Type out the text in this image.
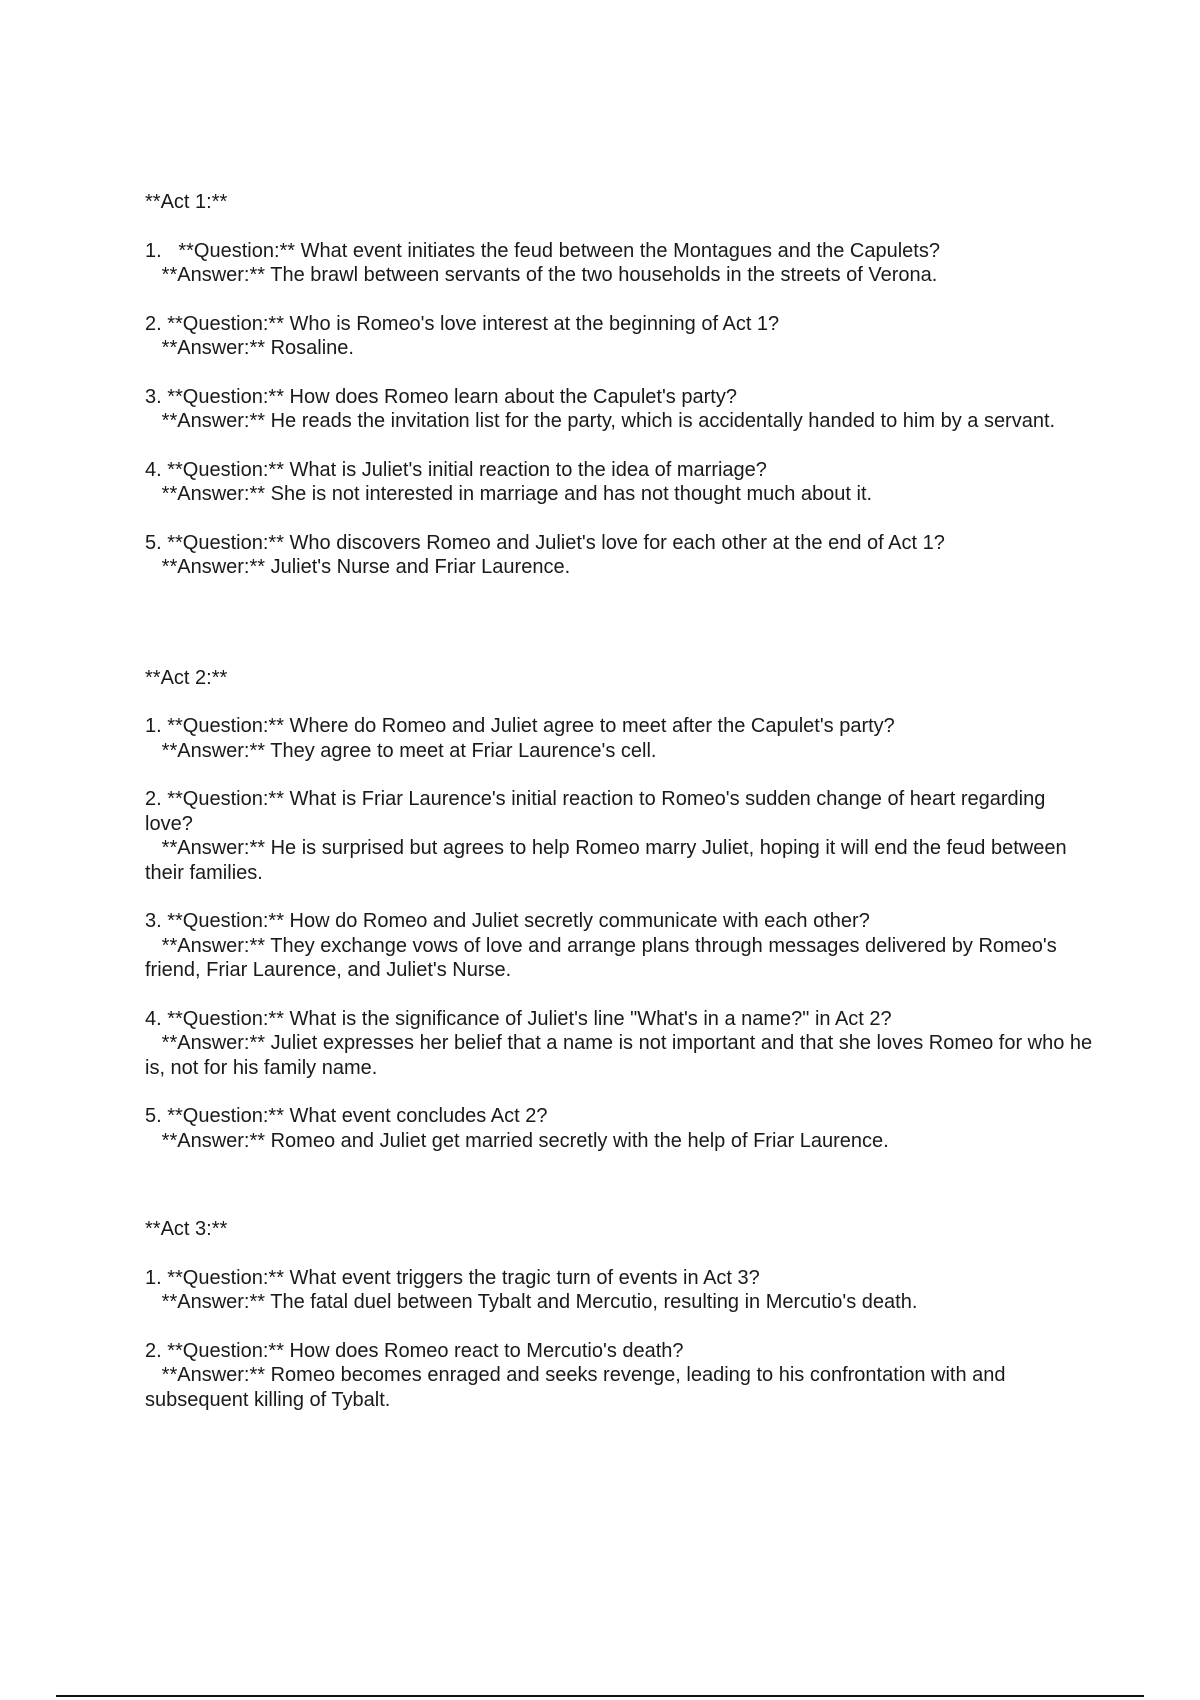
**Act 1:**

1.   **Question:** What event initiates the feud between the Montagues and the Capulets?
**Answer:** The brawl between servants of the two households in the streets of Verona.
2. **Question:** Who is Romeo's love interest at the beginning of Act 1?
**Answer:** Rosaline.
3. **Question:** How does Romeo learn about the Capulet's party?
**Answer:** He reads the invitation list for the party, which is accidentally handed to him by a servant.
4. **Question:** What is Juliet's initial reaction to the idea of marriage?
**Answer:** She is not interested in marriage and has not thought much about it.
5. **Question:** Who discovers Romeo and Juliet's love for each other at the end of Act 1?
**Answer:** Juliet's Nurse and Friar Laurence.

**Act 2:**

1. **Question:** Where do Romeo and Juliet agree to meet after the Capulet's party?
**Answer:** They agree to meet at Friar Laurence's cell.
2. **Question:** What is Friar Laurence's initial reaction to Romeo's sudden change of heart regarding love?
**Answer:** He is surprised but agrees to help Romeo marry Juliet, hoping it will end the feud between their families.
3. **Question:** How do Romeo and Juliet secretly communicate with each other?
**Answer:** They exchange vows of love and arrange plans through messages delivered by Romeo's friend, Friar Laurence, and Juliet's Nurse.
4. **Question:** What is the significance of Juliet's line "What's in a name?" in Act 2?
**Answer:** Juliet expresses her belief that a name is not important and that she loves Romeo for who he is, not for his family name.
5. **Question:** What event concludes Act 2?
**Answer:** Romeo and Juliet get married secretly with the help of Friar Laurence.

**Act 3:**

1. **Question:** What event triggers the tragic turn of events in Act 3?
**Answer:** The fatal duel between Tybalt and Mercutio, resulting in Mercutio's death.
2. **Question:** How does Romeo react to Mercutio's death?
**Answer:** Romeo becomes enraged and seeks revenge, leading to his confrontation with and subsequent killing of Tybalt.
